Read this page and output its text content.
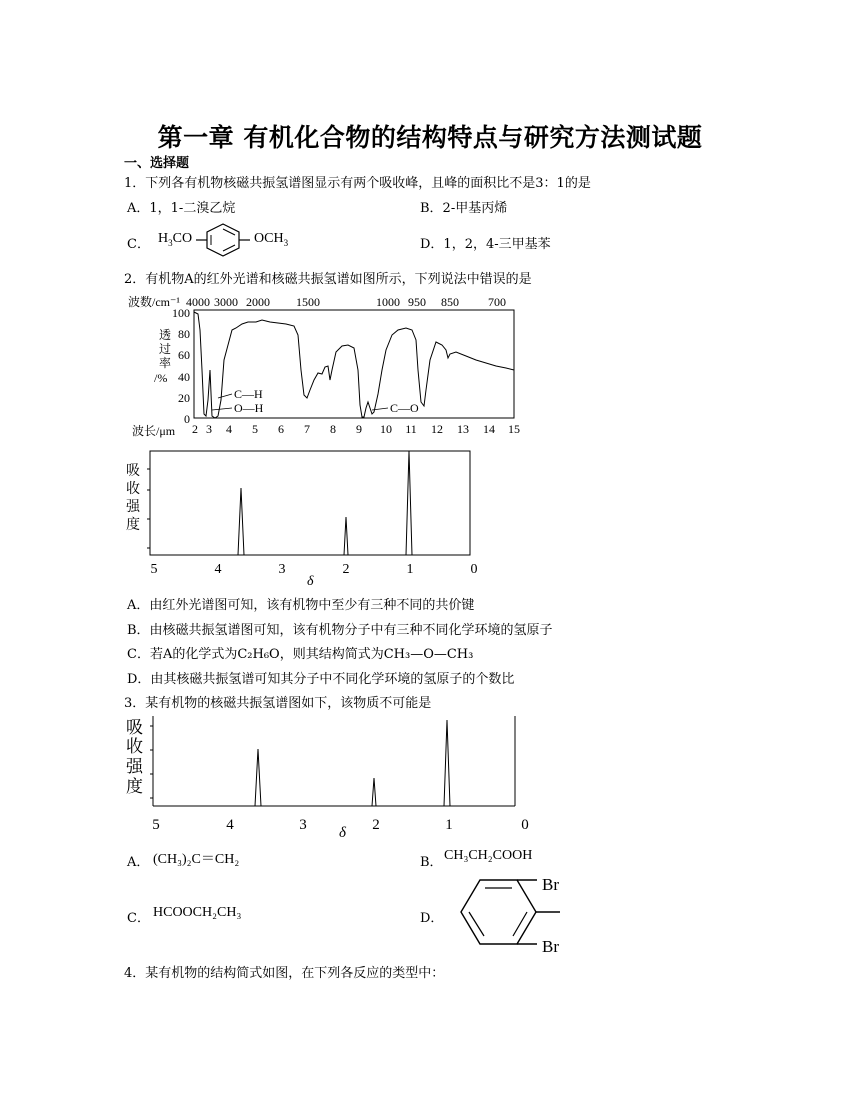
第一章 有机化合物的结构特点与研究方法测试题
一、选择题
1．下列各有机物核磁共振氢谱图显示有两个吸收峰，且峰的面积比不是3：1的是
A．1，1-二溴乙烷	B．2-甲基丙烯
C． $H_3CO$	$OCH_3$	D．1，2，4-三甲基苯
2．有机物A的红外光谱和核磁共振氢谱如图所示，下列说法中错误的是
波数/cm⁻¹ 4000 3000 2000 1500	1000 950 850 700
透
过
率
/%
100
80
60
40
20
0
C—H
O—H	C—O
波长/μm 2 3 4 5 6 7 8 9 10 11 12 13 14 15
吸
收
强
度
5	4	3	2	1	0
δ
A．由红外光谱图可知，该有机物中至少有三种不同的共价键
B．由核磁共振氢谱图可知，该有机物分子中有三种不同化学环境的氢原子
C．若A的化学式为C₂H₆O，则其结构简式为CH₃—O—CH₃
D．由其核磁共振氢谱可知其分子中不同化学环境的氢原子的个数比
3．某有机物的核磁共振氢谱图如下，该物质不可能是
吸
收
强
度
5	4	3	2	1	0
δ
A． (CH₃)₂C＝CH₂	B． CH₃CH₂COOH
C． HCOOCH₂CH₃	D．
Br
Br
4．某有机物的结构简式如图，在下列各反应的类型中：
